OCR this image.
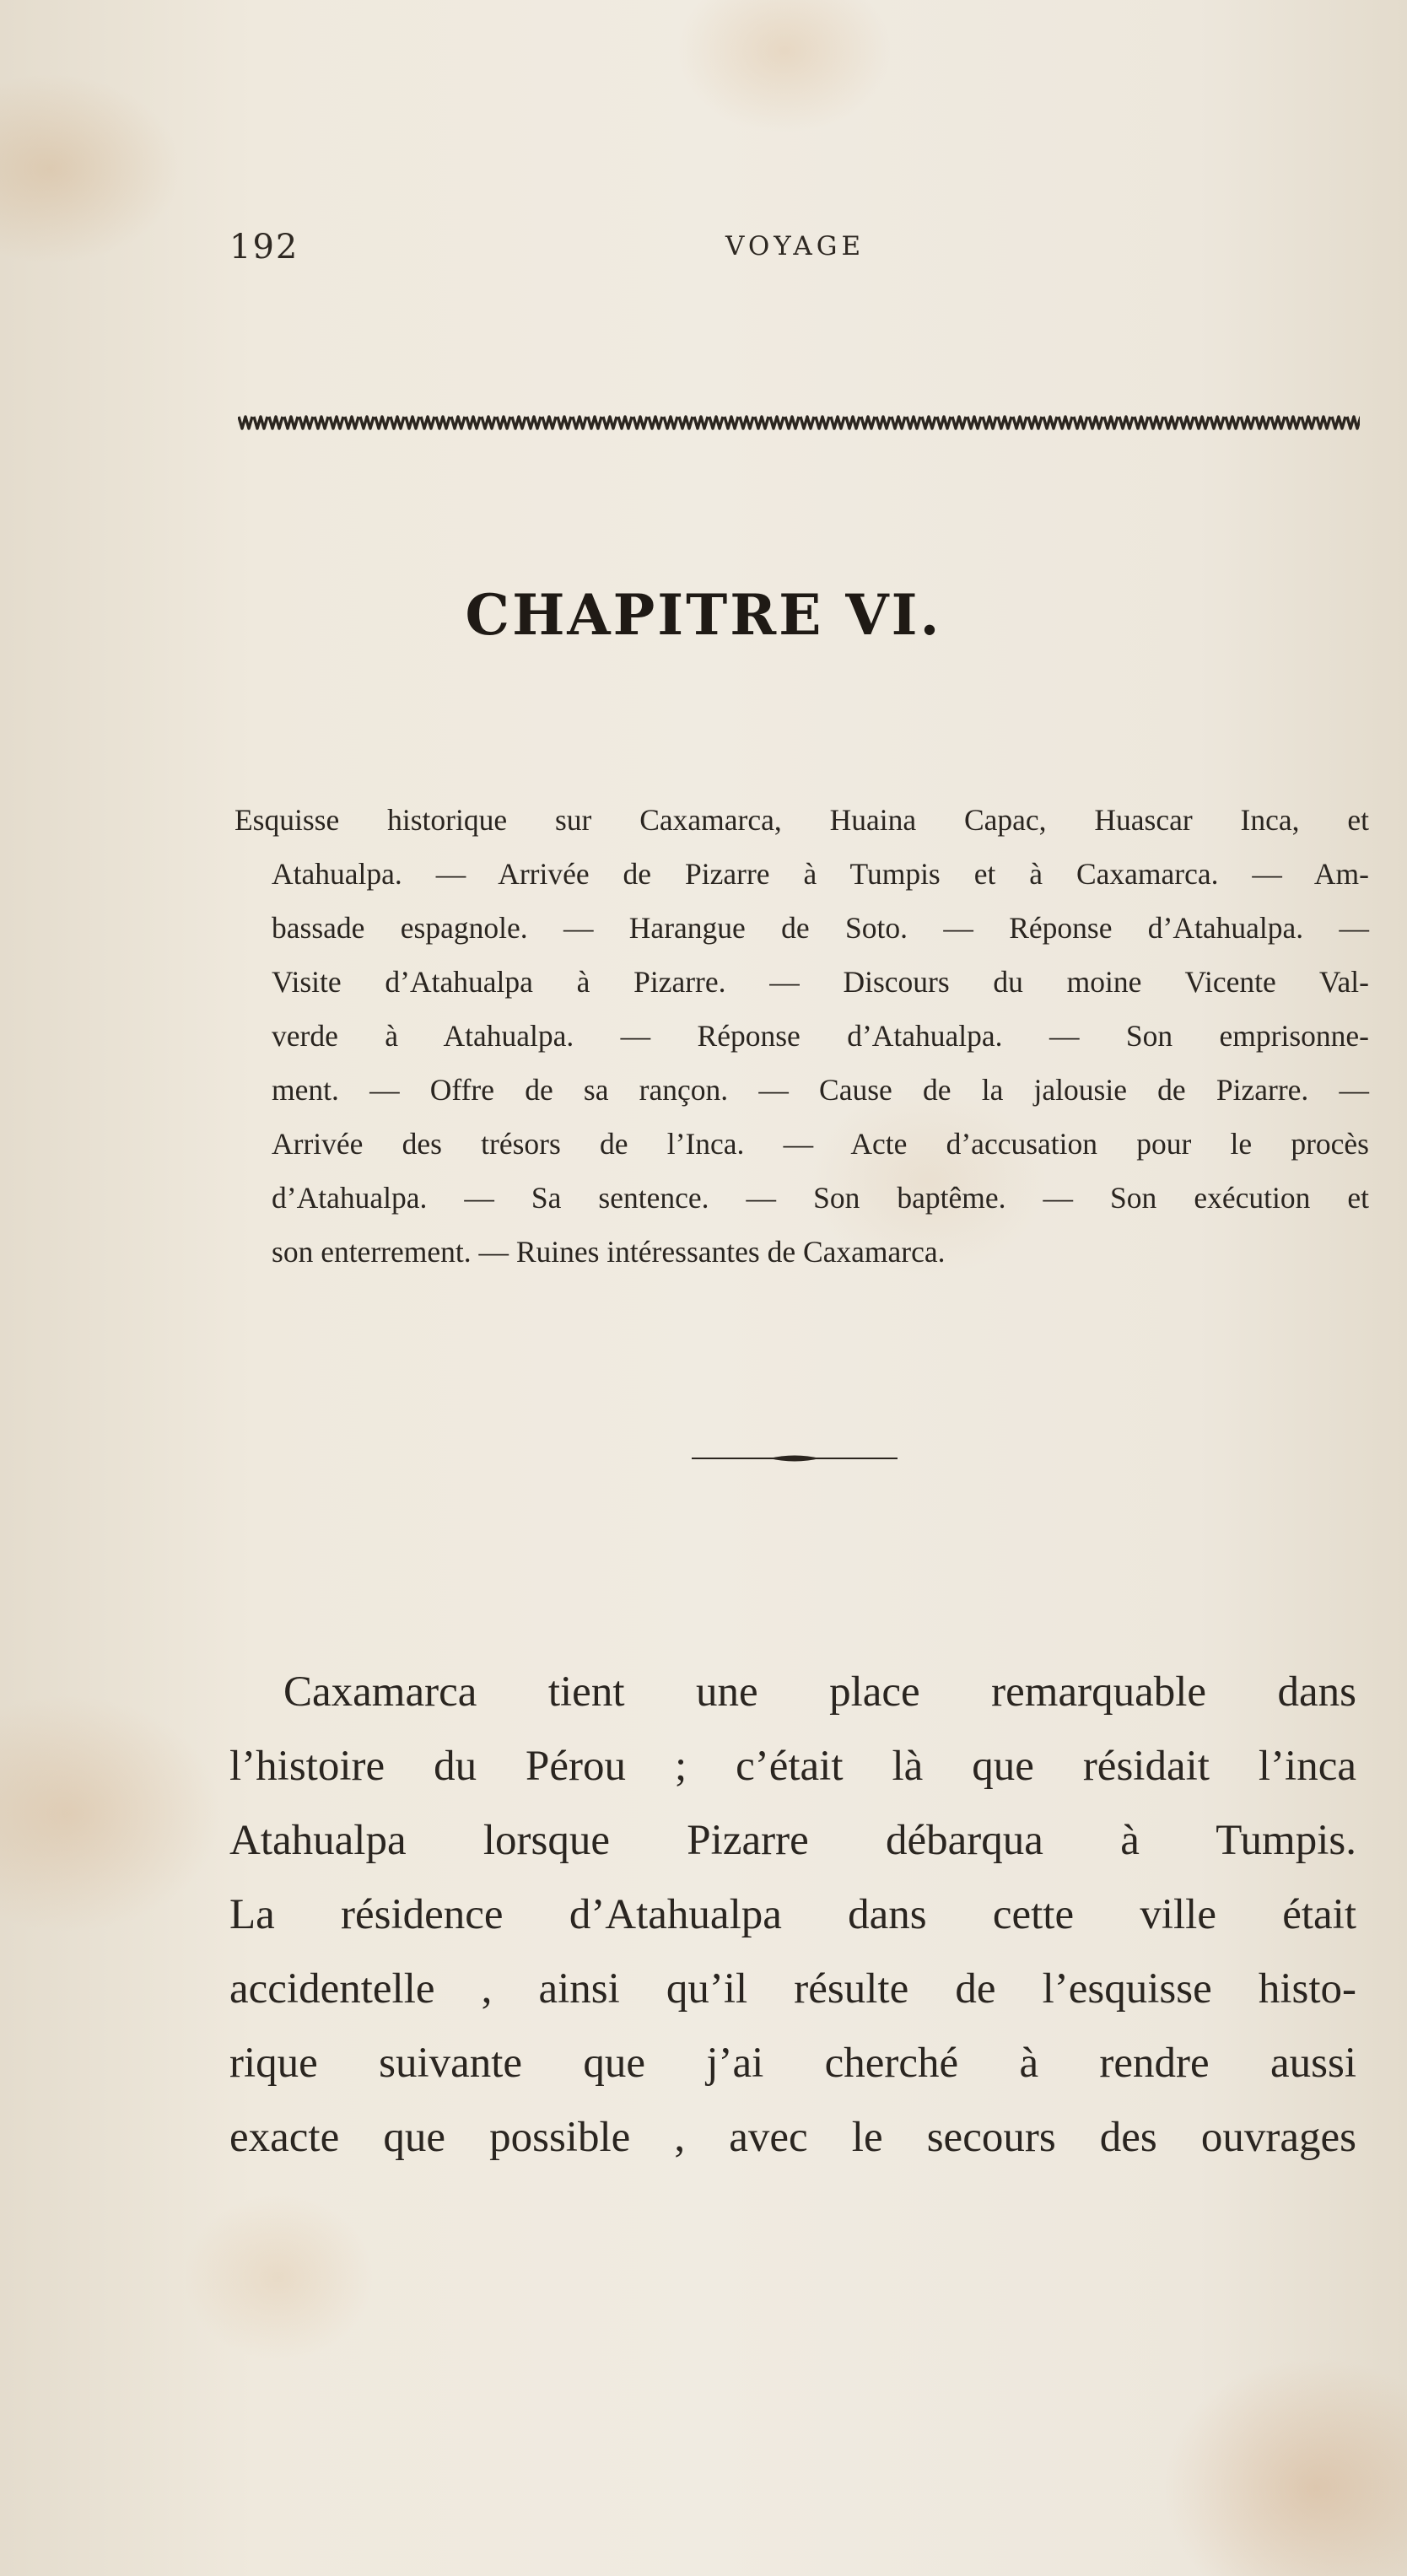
192	VOYAGE
CHAPITRE VI.
Esquisse historique sur Caxamarca, Huaina Capac, Huascar Inca, et
Atahualpa. — Arrivée de Pizarre à Tumpis et à Caxamarca. — Am-
bassade espagnole. — Harangue de Soto. — Réponse d’Atahualpa. —
Visite d’Atahualpa à Pizarre. — Discours du moine Vicente Val-
verde à Atahualpa. — Réponse d’Atahualpa. — Son emprisonne-
ment. — Offre de sa rançon. — Cause de la jalousie de Pizarre. —
Arrivée des trésors de l’Inca. — Acte d’accusation pour le procès
d’Atahualpa. — Sa sentence. — Son baptême. — Son exécution et
son enterrement. — Ruines intéressantes de Caxamarca.
Caxamarca tient une place remarquable dans
l’histoire du Pérou ; c’était là que résidait l’inca
Atahualpa lorsque Pizarre débarqua à Tumpis.
La résidence d’Atahualpa dans cette ville était
accidentelle , ainsi qu’il résulte de l’esquisse histo-
rique suivante que j’ai cherché à rendre aussi
exacte que possible , avec le secours des ouvrages
